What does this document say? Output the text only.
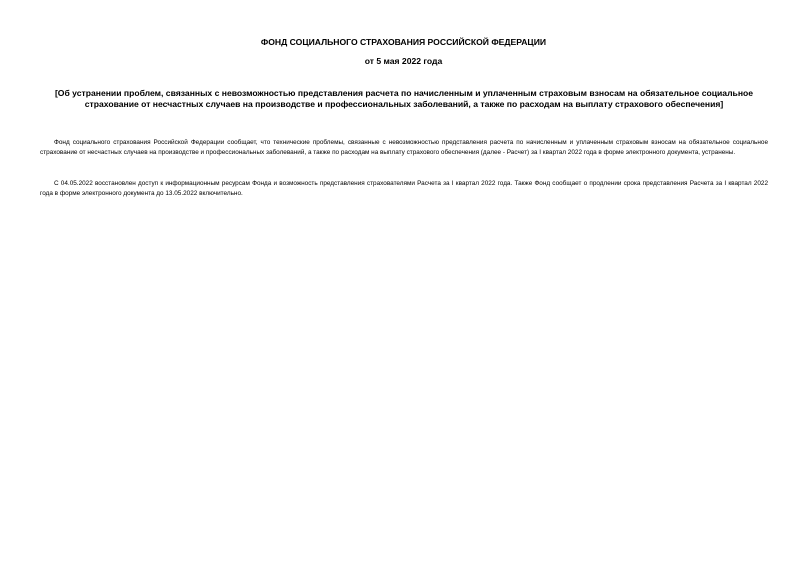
ФОНД СОЦИАЛЬНОГО СТРАХОВАНИЯ РОССИЙСКОЙ ФЕДЕРАЦИИ
от 5 мая 2022 года
[Об устранении проблем, связанных с невозможностью представления расчета по начисленным и уплаченным страховым взносам на обязательное социальное страхование от несчастных случаев на производстве и профессиональных заболеваний, а также по расходам на выплату страхового обеспечения]

Фонд социального страхования Российской Федерации сообщает, что технические проблемы, связанные с невозможностью представления расчета по начисленным и уплаченным страховым взносам на обязательное социальное страхование от несчастных случаев на производстве и профессиональных заболеваний, а также по расходам на выплату страхового обеспечения (далее - Расчет) за I квартал 2022 года в форме электронного документа, устранены.

С 04.05.2022 восстановлен доступ к информационным ресурсам Фонда и возможность представления страхователями Расчета за I квартал 2022 года. Также Фонд сообщает о продлении срока представления Расчета за I квартал 2022 года в форме электронного документа до 13.05.2022 включительно.
